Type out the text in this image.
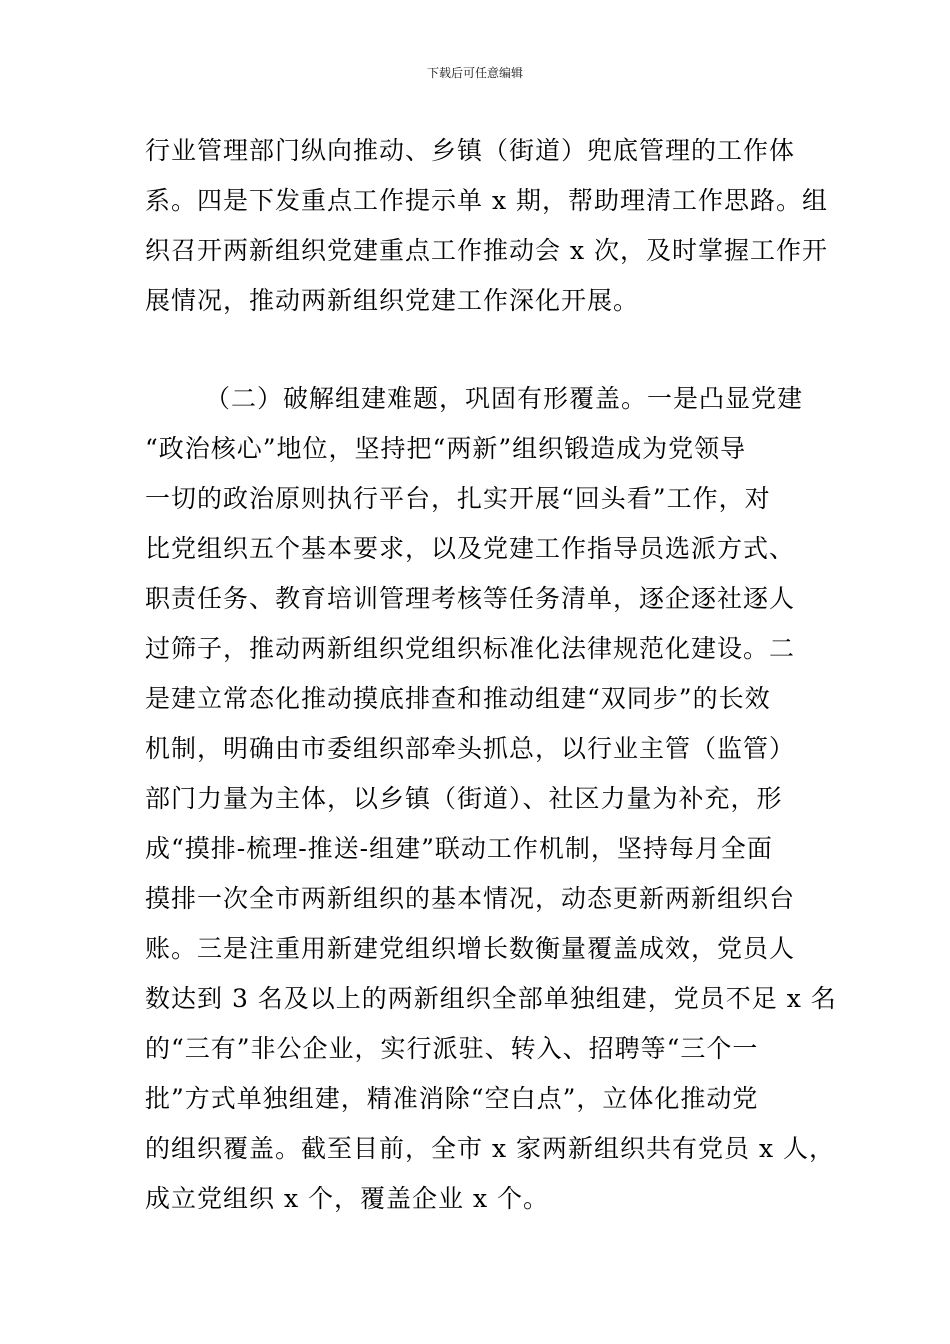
下载后可任意编辑
行业管理部门纵向推动、乡镇（街道）兜底管理的工作体
系。四是下发重点工作提示单 x 期，帮助理清工作思路。组
织召开两新组织党建重点工作推动会 x 次，及时掌握工作开
展情况，推动两新组织党建工作深化开展。
（二）破解组建难题，巩固有形覆盖。一是凸显党建
“政治核心”地位，坚持把“两新”组织锻造成为党领导
一切的政治原则执行平台，扎实开展“回头看”工作，对
比党组织五个基本要求，以及党建工作指导员选派方式、
职责任务、教育培训管理考核等任务清单，逐企逐社逐人
过筛子，推动两新组织党组织标准化法律规范化建设。二
是建立常态化推动摸底排查和推动组建“双同步”的长效
机制，明确由市委组织部牵头抓总，以行业主管（监管）
部门力量为主体，以乡镇（街道）、社区力量为补充，形
成“摸排-梳理-推送-组建”联动工作机制，坚持每月全面
摸排一次全市两新组织的基本情况，动态更新两新组织台
账。三是注重用新建党组织增长数衡量覆盖成效，党员人
数达到 3 名及以上的两新组织全部单独组建，党员不足 x 名
的“三有”非公企业，实行派驻、转入、招聘等“三个一
批”方式单独组建，精准消除“空白点”，立体化推动党
的组织覆盖。截至目前，全市 x 家两新组织共有党员 x 人，
成立党组织 x 个，覆盖企业 x 个。
